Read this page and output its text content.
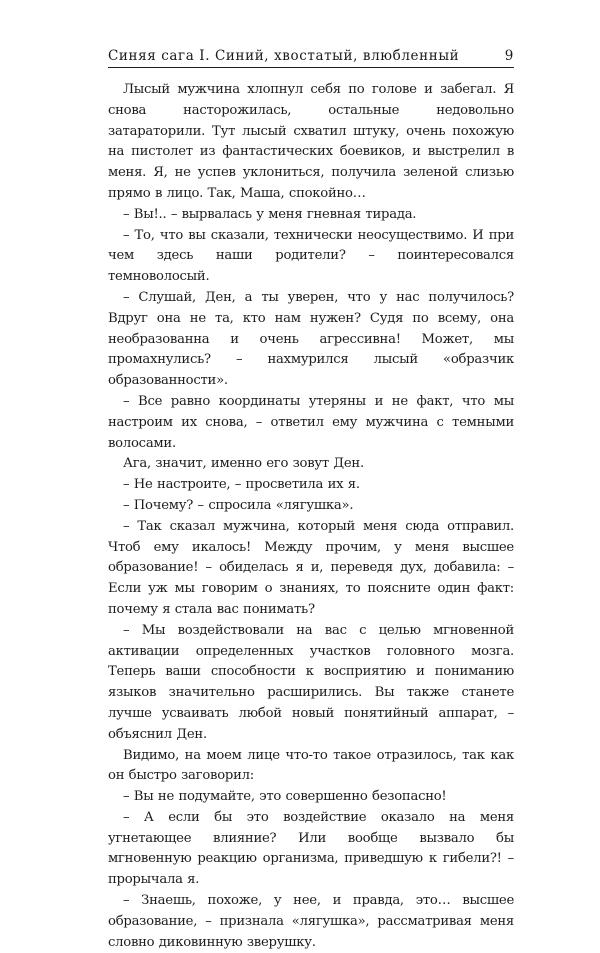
Синяя сага I. Синий, хвостатый, влюбленный	9

Лысый мужчина хлопнул себя по голове и забегал. Я снова насторожилась, остальные недовольно затараторили. Тут лысый схватил штуку, очень похожую на пистолет из фантастических боевиков, и выстрелил в меня. Я, не успев уклониться, получила зеленой слизью прямо в лицо. Так, Маша, спокойно…

– Вы!.. – вырвалась у меня гневная тирада.

– То, что вы сказали, технически неосуществимо. И при чем здесь наши родители? – поинтересовался темноволосый.

– Слушай, Ден, а ты уверен, что у нас получилось? Вдруг она не та, кто нам нужен? Судя по всему, она необразованна и очень агрессивна! Может, мы промахнулись? – нахмурился лысый «образчик образованности».

– Все равно координаты утеряны и не факт, что мы настроим их снова, – ответил ему мужчина с темными волосами.

Ага, значит, именно его зовут Ден.

– Не настроите, – просветила их я.

– Почему? – спросила «лягушка».

– Так сказал мужчина, который меня сюда отправил. Чтоб ему икалось! Между прочим, у меня высшее образование! – обиделась я и, переведя дух, добавила: – Если уж мы говорим о знаниях, то поясните один факт: почему я стала вас понимать?

– Мы воздействовали на вас с целью мгновенной активации определенных участков головного мозга. Теперь ваши способности к восприятию и пониманию языков значительно расширились. Вы также станете лучше усваивать любой новый понятийный аппарат, – объяснил Ден.

Видимо, на моем лице что-то такое отразилось, так как он быстро заговорил:

– Вы не подумайте, это совершенно безопасно!

– А если бы это воздействие оказало на меня угнетающее влияние? Или вообще вызвало бы мгновенную реакцию организма, приведшую к гибели?! – прорычала я.

– Знаешь, похоже, у нее, и правда, это… высшее образование, – признала «лягушка», рассматривая меня словно диковинную зверушку.
